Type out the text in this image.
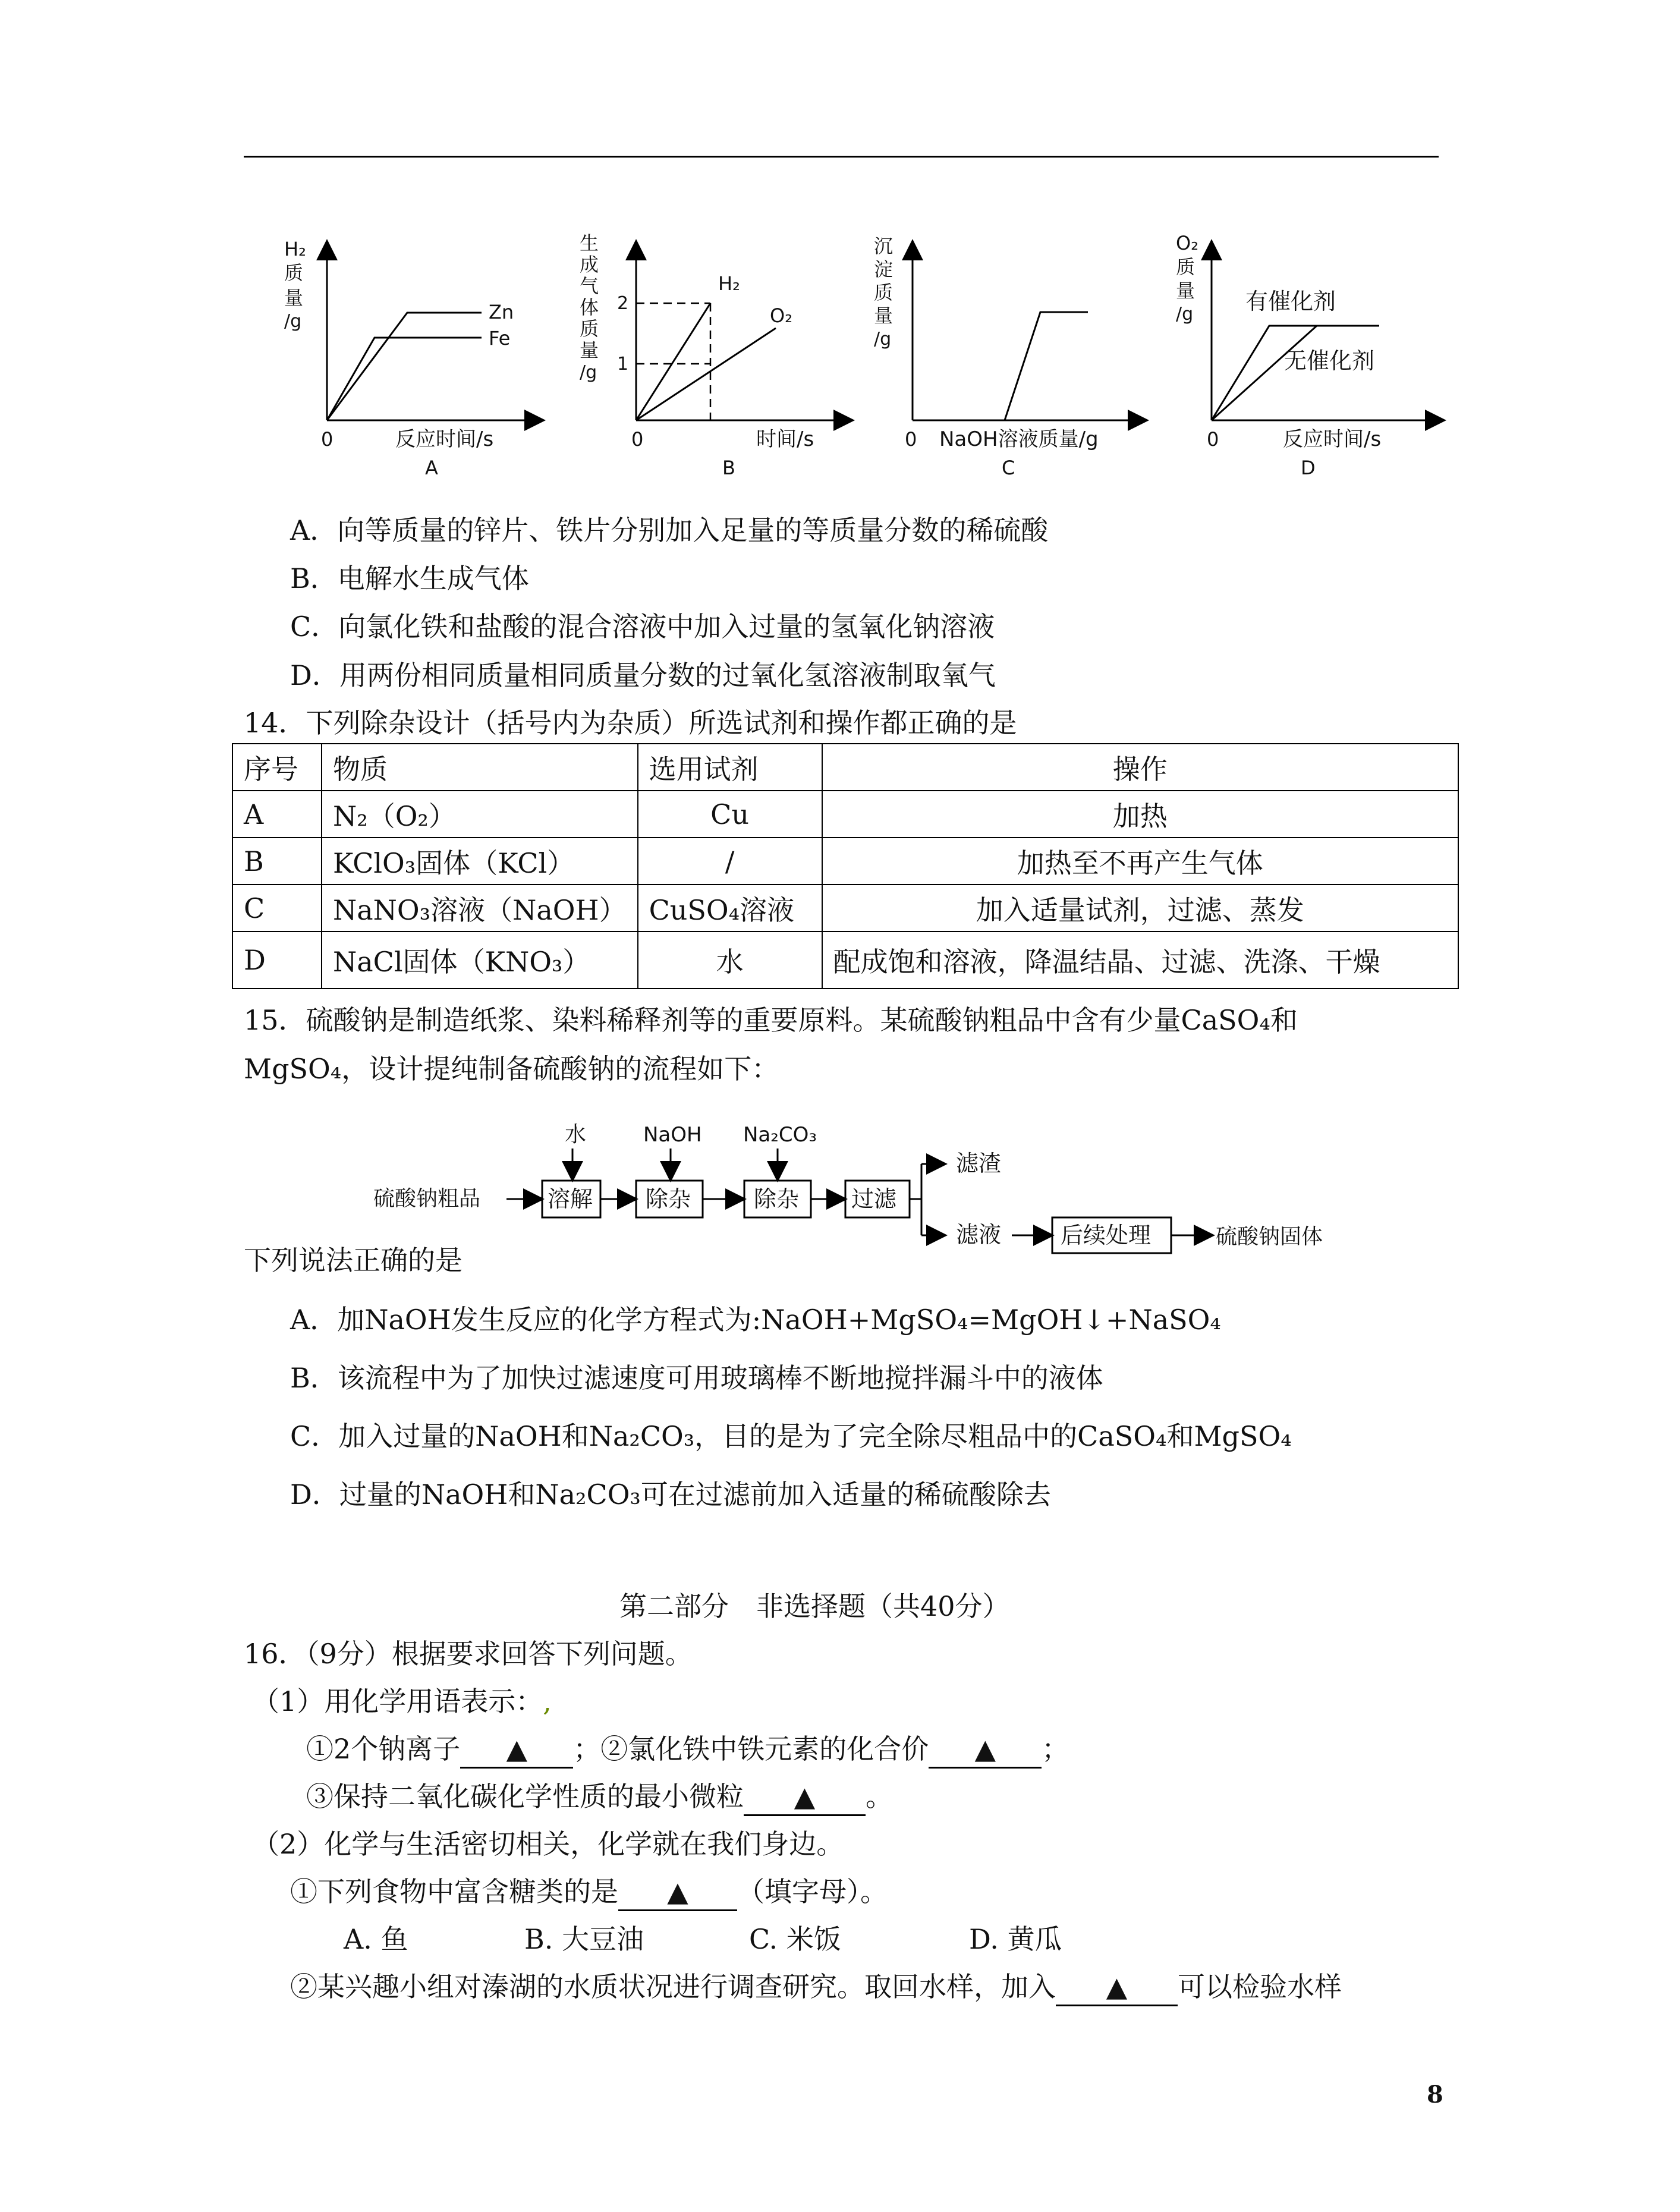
H₂
质
量
/g	Zn
Fe
0	反应时间/s
A
生
成
气
体
质
量
/g
2
1
H₂
O₂
0	时间/s
B
沉
淀
质
量
/g
0 NaOH溶液质量/g
C
O₂
质
量
/g 有催化剂
无催化剂
0	反应时间/s
D
A．向等质量的锌片、铁片分别加入足量的等质量分数的稀硫酸
B．电解水生成气体
C．向氯化铁和盐酸的混合溶液中加入过量的氢氧化钠溶液
D．用两份相同质量相同质量分数的过氧化氢溶液制取氧气
14．下列除杂设计（括号内为杂质）所选试剂和操作都正确的是
序号	物质	选用试剂	操作
A	N₂（O₂）	Cu	加热
B	KClO₃固体（KCl）	/	加热至不再产生气体
C	NaNO₃溶液（NaOH）	CuSO₄溶液	加入适量试剂，过滤、蒸发
D	NaCl固体（KNO₃）	水	配成饱和溶液，降温结晶、过滤、洗涤、干燥
15．硫酸钠是制造纸浆、染料稀释剂等的重要原料。某硫酸钠粗品中含有少量CaSO₄和
MgSO₄，设计提纯制备硫酸钠的流程如下：
硫酸钠粗品	溶解
水
除杂
NaOH
除杂
Na₂CO₃
过滤
滤渣
滤液	后续处理	硫酸钠固体
下列说法正确的是
A．加NaOH发生反应的化学方程式为:NaOH+MgSO₄=MgOH↓+NaSO₄
B．该流程中为了加快过滤速度可用玻璃棒不断地搅拌漏斗中的液体
C．加入过量的NaOH和Na₂CO₃，目的是为了完全除尽粗品中的CaSO₄和MgSO₄
D．过量的NaOH和Na₂CO₃可在过滤前加入适量的稀硫酸除去
第二部分　非选择题（共40分）
16．（9分）根据要求回答下列问题。
（1）用化学用语表示：,
①2个钠离子 ▲ ；②氯化铁中铁元素的化合价 ▲ ；
③保持二氧化碳化学性质的最小微粒 ▲ 。
（2）化学与生活密切相关，化学就在我们身边。
①下列食物中富含糖类的是 ▲ （填字母）。
A. 鱼	B. 大豆油	C. 米饭	D. 黄瓜
②某兴趣小组对溱湖的水质状况进行调查研究。取回水样，加入 ▲ 可以检验水样
8
